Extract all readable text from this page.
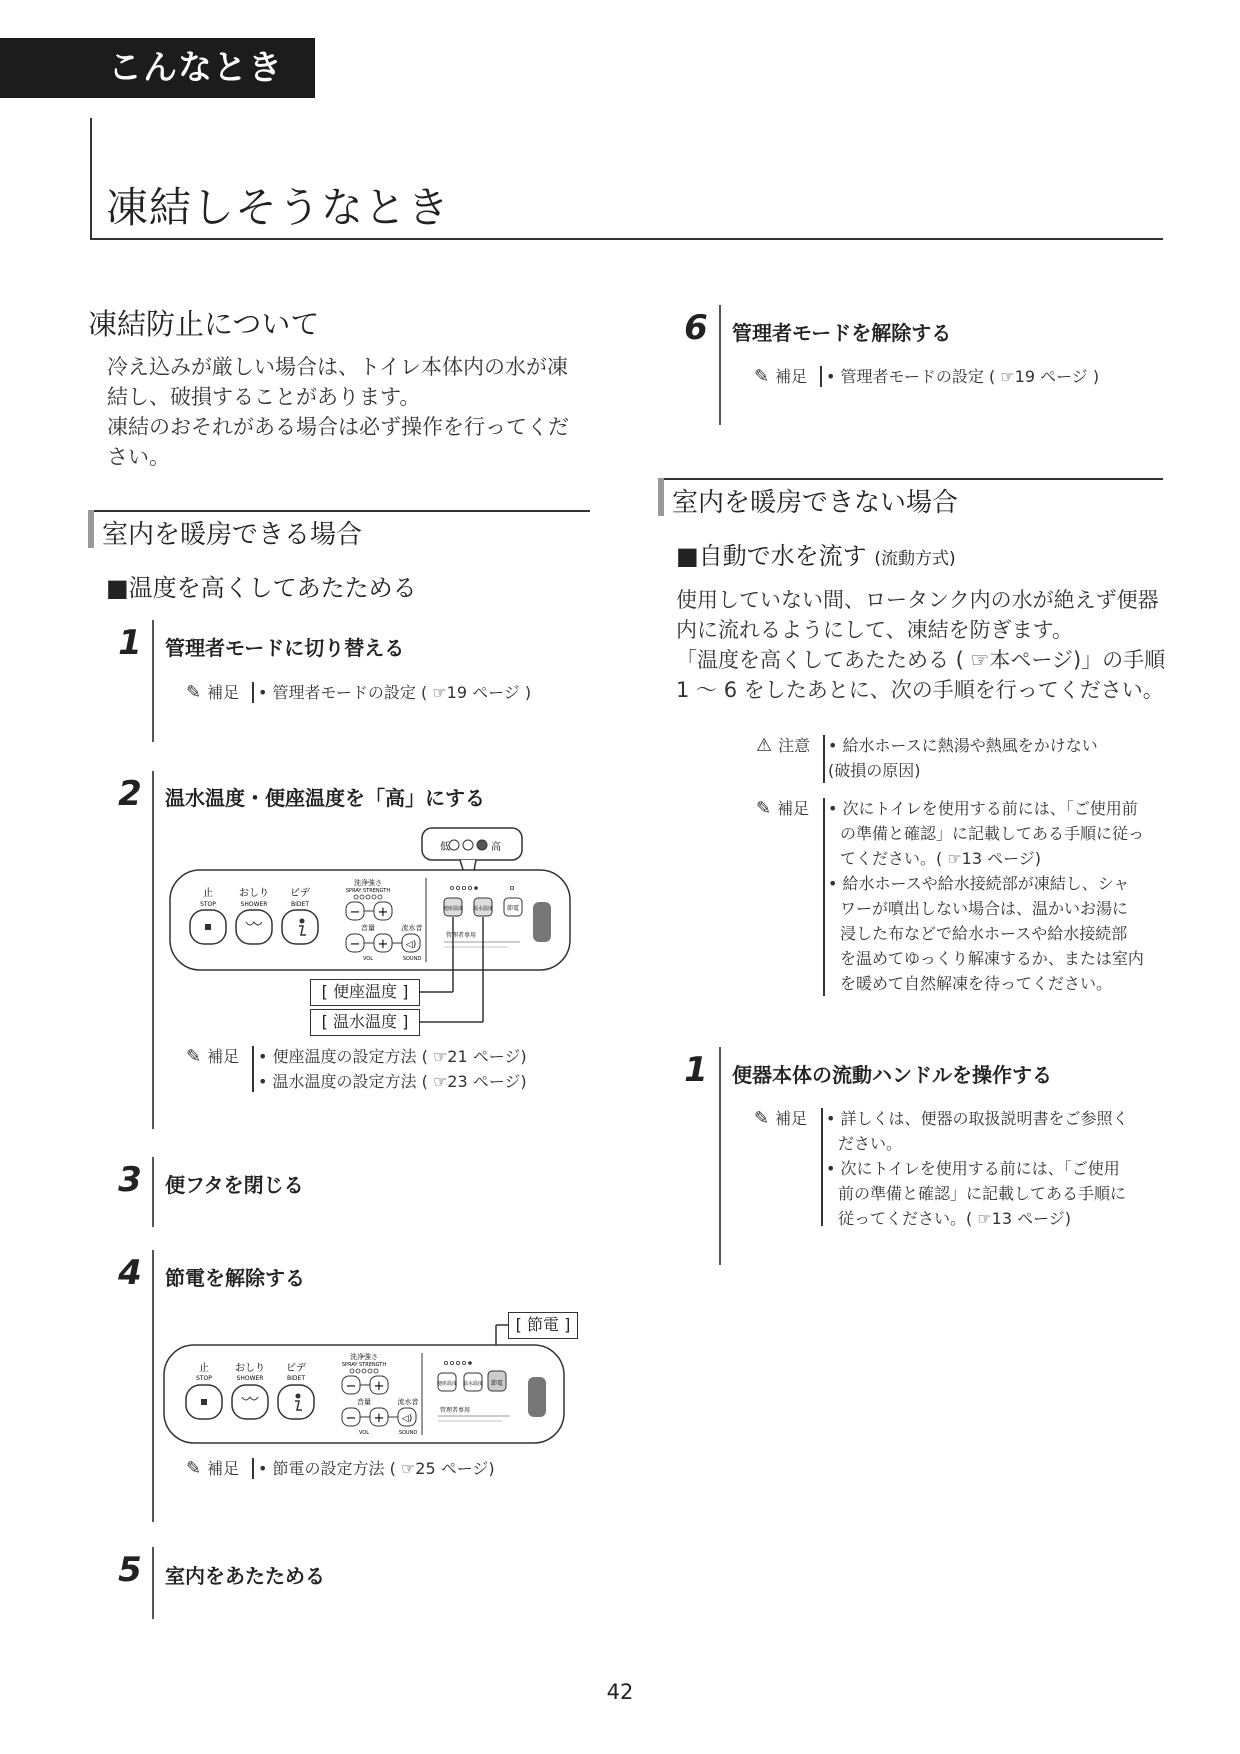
こんなときは
凍結しそうなとき
凍結防止について
冷え込みが厳しい場合は、トイレ本体内の水が凍
結し、破損することがあります。
凍結のおそれがある場合は必ず操作を行ってくだ
さい。
室内を暖房できる場合
■温度を高くしてあたためる
1	管理者モードに切り替える
✎ 補足 • 管理者モードの設定 ( ☞19 ページ )
2	温水温度・便座温度を「高」にする
低	高
止
STOP
おしり
SHOWER
ビデ
BIDET
洗浄強さ
SPRAY STRENGTH
− +
音量
− +
VOL
流水音
◁)
SOUND
便座温度 温水温度 節電
管理者専用
[ 便座温度 ]
[ 温水温度 ]
✎ 補足 • 便座温度の設定方法 ( ☞21 ページ)
• 温水温度の設定方法 ( ☞23 ページ)
3	便フタを閉じる
4	節電を解除する
止
STOP
おしり
SHOWER
ビデ
BIDET
洗浄強さ
SPRAY STRENGTH
− +
音量
− +
VOL
流水音
◁)
SOUND
便座温度 温水温度 節電
管理者専用
[ 節電 ]
✎ 補足 • 節電の設定方法 ( ☞25 ページ)
5	室内をあたためる
6	管理者モードを解除する
✎ 補足 • 管理者モードの設定 ( ☞19 ページ )
室内を暖房できない場合
■自動で水を流す (流動方式)
使用していない間、ロータンク内の水が絶えず便器
内に流れるようにして、凍結を防ぎます。
「温度を高くしてあたためる ( ☞本ページ)」の手順
1 ～ 6 をしたあとに、次の手順を行ってください。
⚠ 注意 • 給水ホースに熱湯や熱風をかけない
(破損の原因)
✎ 補足 • 次にトイレを使用する前には、「ご使用前
の準備と確認」に記載してある手順に従っ
てください。( ☞13 ページ)
• 給水ホースや給水接続部が凍結し、シャ
ワーが噴出しない場合は、温かいお湯に
浸した布などで給水ホースや給水接続部
を温めてゆっくり解凍するか、または室内
を暖めて自然解凍を待ってください。
1	便器本体の流動ハンドルを操作する
✎ 補足 • 詳しくは、便器の取扱説明書をご参照く
ださい。
• 次にトイレを使用する前には、「ご使用
前の準備と確認」に記載してある手順に
従ってください。( ☞13 ページ)
42
